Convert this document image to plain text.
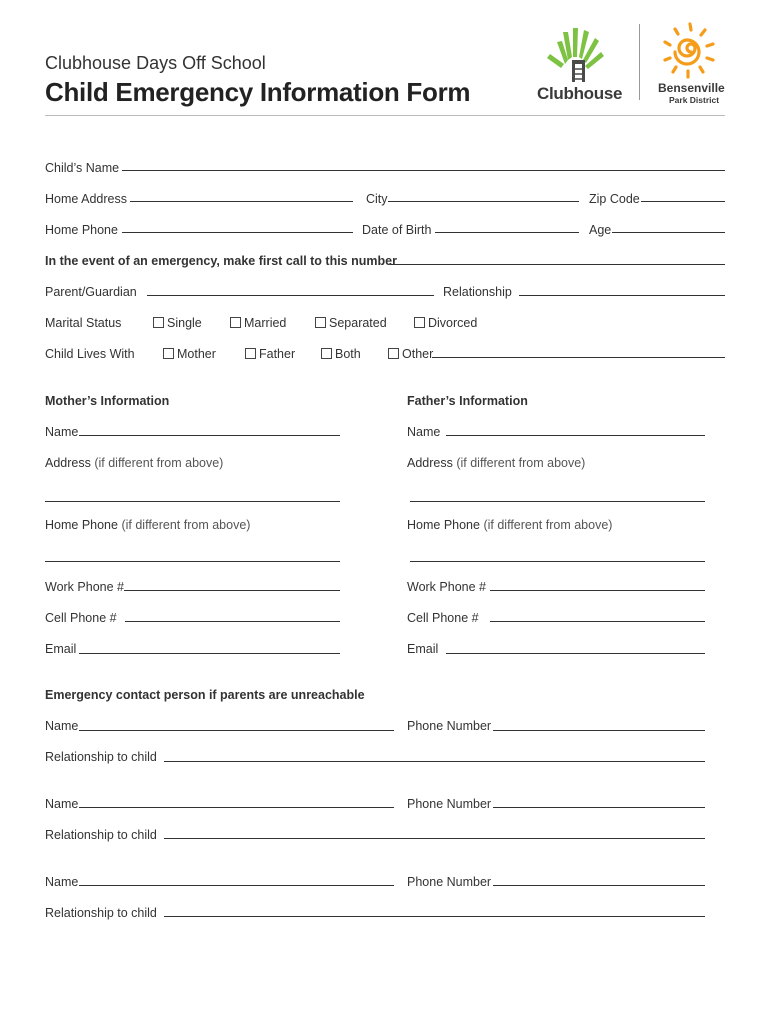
Clubhouse Days Off School
Child Emergency Information Form	Clubhouse	Bensenville
Park District
Child’s Name
Home Address	City	Zip Code
Home Phone	Date of Birth	Age
In the event of an emergency, make first call to this number
Parent/Guardian	Relationship
Marital Status	Single	Married	Separated	Divorced
Child Lives With	Mother	Father	Both	Other
Mother’s Information
Name
Address (if different from above)
Home Phone (if different from above)
Work Phone #
Cell Phone #
Email
Father’s Information
Name
Address (if different from above)
Home Phone (if different from above)
Work Phone #
Cell Phone #
Email
Emergency contact person if parents are unreachable
Name	Phone Number
Relationship to child
Name	Phone Number
Relationship to child
Name	Phone Number
Relationship to child
